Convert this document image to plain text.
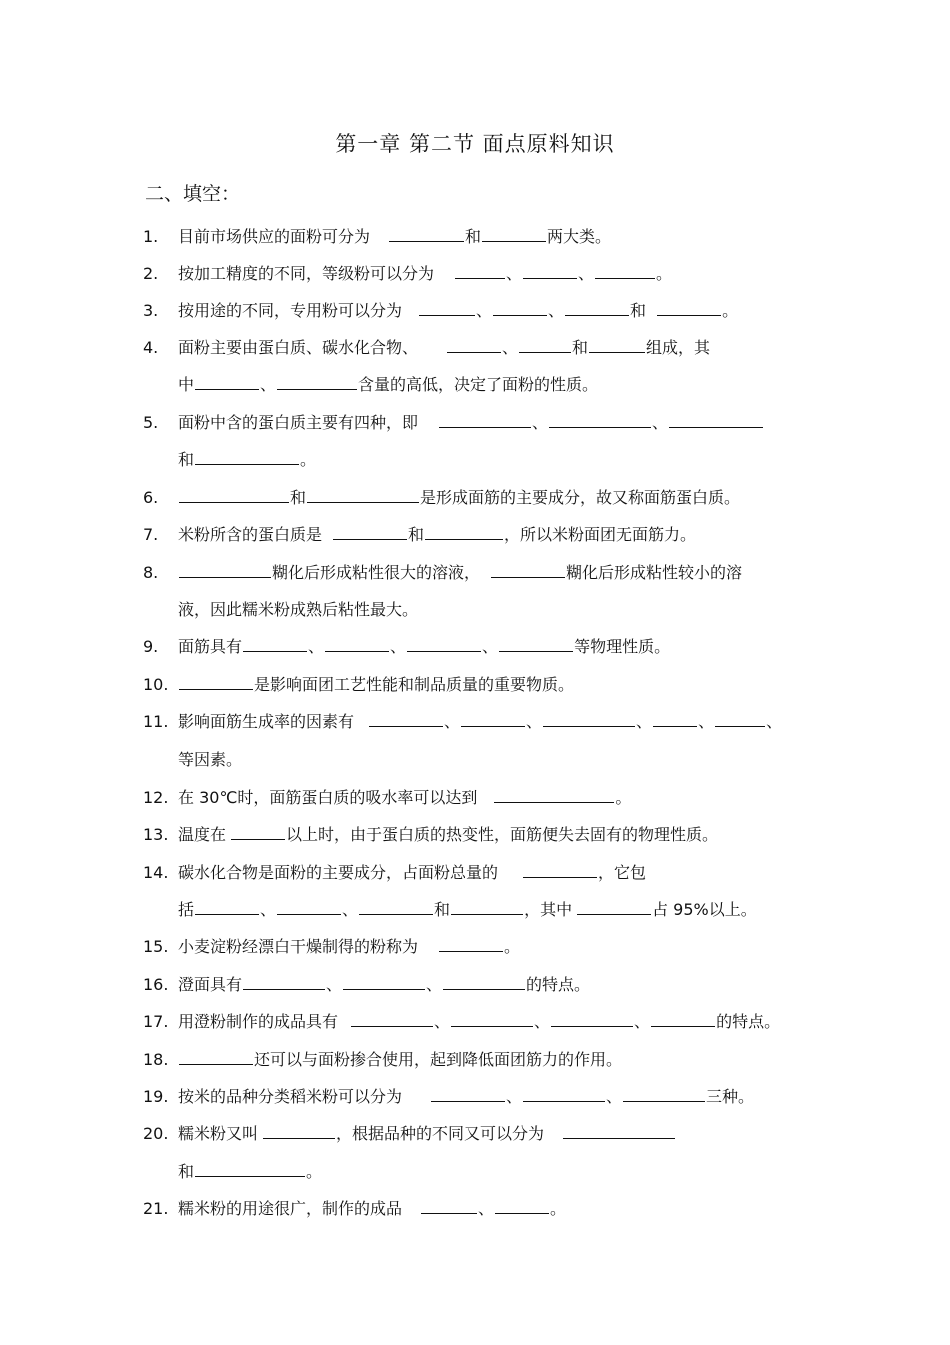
第一章 第二节 面点原料知识
二、填空：
1. 目前市场供应的面粉可分为	和	两大类。
2. 按加工精度的不同，等级粉可以分为	、	、	。
3. 按用途的不同，专用粉可以分为	、	、	和	。
4. 面粉主要由蛋白质、碳水化合物、	、	和	组成，其
中	、	含量的高低，决定了面粉的性质。
5. 面粉中含的蛋白质主要有四种，即	、	、
和	。
6.	和	是形成面筋的主要成分，故又称面筋蛋白质。
7. 米粉所含的蛋白质是	和	，所以米粉面团无面筋力。
8.	糊化后形成粘性很大的溶液，	糊化后形成粘性较小的溶
液，因此糯米粉成熟后粘性最大。
9. 面筋具有	、	、	、	等物理性质。
10.	是影响面团工艺性能和制品质量的重要物质。
11. 影响面筋生成率的因素有	、	、	、	、	、
等因素。
12. 在 30℃时，面筋蛋白质的吸水率可以达到	。
13. 温度在	以上时，由于蛋白质的热变性，面筋便失去固有的物理性质。
14. 碳水化合物是面粉的主要成分，占面粉总量的	，它包
括	、	、	和	，其中	占 95%以上。
15. 小麦淀粉经漂白干燥制得的粉称为	。
16. 澄面具有	、	、	的特点。
17. 用澄粉制作的成品具有	、	、	、	的特点。
18.	还可以与面粉掺合使用，起到降低面团筋力的作用。
19. 按米的品种分类稻米粉可以分为	、	、	三种。
20. 糯米粉又叫	，根据品种的不同又可以分为
和	。
21. 糯米粉的用途很广，制作的成品	、	。
